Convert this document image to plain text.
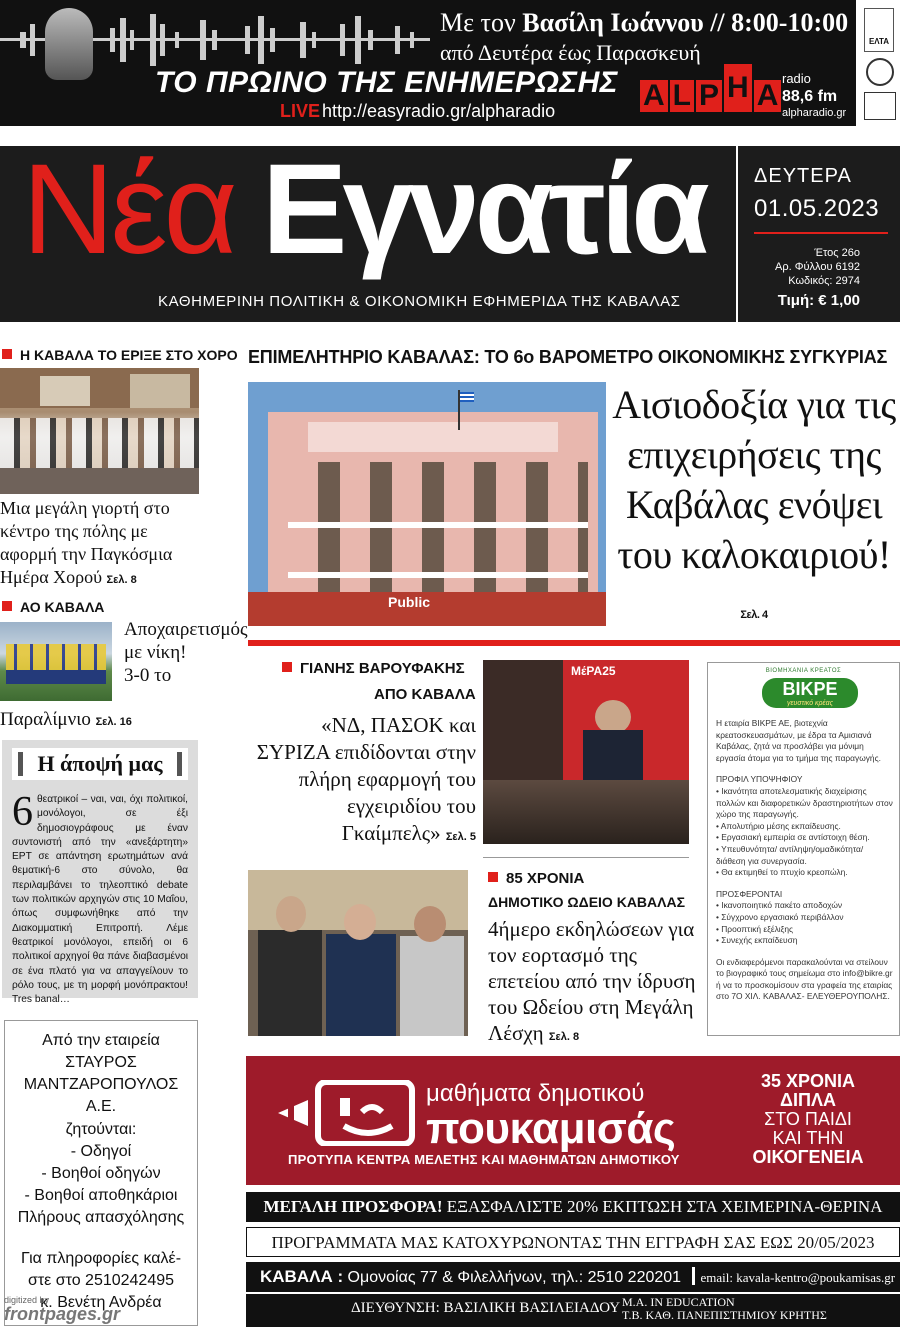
Με τον Βασίλη Ιωάννου // 8:00-10:00
από Δευτέρα έως Παρασκευή
ΤΟ ΠΡΩΙΝΟ ΤΗΣ ΕΝΗΜΕΡΩΣΗΣ
LIVE http://easyradio.gr/alpharadio	A L P H A
radio
88,6 fm
alpharadio.gr
ΕΛΤΑ
Νέα Εγνατία
ΚΑΘΗΜΕΡΙΝΗ ΠΟΛΙΤΙΚΗ & ΟΙΚΟΝΟΜΙΚΗ ΕΦΗΜΕΡΙΔΑ ΤΗΣ ΚΑΒΑΛΑΣ
ΔΕΥΤΕΡΑ
01.05.2023
Έτος 26ο
Αρ. Φύλλου 6192
Κωδικός: 2974
Τιμή: € 1,00
Η ΚΑΒΑΛΑ ΤΟ ΕΡΙΞΕ ΣΤΟ ΧΟΡΟ
Μια μεγάλη γιορτή στο κέντρο της πόλης με αφορμή την Παγκόσμια Ημέρα Χορού Σελ. 8
ΑΟ ΚΑΒΑΛΑ
Αποχαιρετισμός με νίκη! 3-0 το
Παραλίμνιο Σελ. 16
Η άποψή μας
6 θεατρικοί – ναι, ναι, όχι πολιτικοί, μονόλογοι, σε έξι δημοσιογράφους με έναν συντονιστή από την «ανεξάρτητη» ΕΡΤ σε απάντηση ερωτημάτων ανά θεματική-6 στο σύνολο, θα περιλαμβάνει το τηλεοπτικό debate των πολιτικών αρχηγών στις 10 Μαΐου, όπως συμφωνήθηκε από την Διακομματική Επιτροπή. Λέμε θεατρικοί μονόλογοι, επειδή οι 6 πολιτικοί αρχηγοί θα πάνε διαβασμένοι σε ένα πλατό για να απαγγείλουν το ρόλο τους, με τη μορφή μονόπρακτου! Tres banal…
Από την εταιρεία
ΣΤΑΥΡΟΣ
ΜΑΝΤΖΑΡΟΠΟΥΛΟΣ
Α.Ε.
ζητούνται:
- Οδηγοί
- Βοηθοί οδηγών
- Βοηθοί αποθηκάριοι
Πλήρους απασχόλησης
Για πληροφορίες καλέ-
στε στο 2510242495
κ. Βενέτη Ανδρέα
digitized by
frontpages.gr
ΕΠΙΜΕΛΗΤΗΡΙΟ ΚΑΒΑΛΑΣ: ΤΟ 6ο ΒΑΡΟΜΕΤΡΟ ΟΙΚΟΝΟΜΙΚΗΣ ΣΥΓΚΥΡΙΑΣ
Public
Αισιοδοξία για τις επιχειρήσεις της Καβάλας ενόψει του καλοκαιριού! Σελ. 4
ΓΙΑΝΗΣ ΒΑΡΟΥΦΑΚΗΣ
ΑΠΟ ΚΑΒΑΛΑ
«ΝΔ, ΠΑΣΟΚ και ΣΥΡΙΖΑ επιδίδονται στην πλήρη εφαρμογή του εγχειριδίου του Γκαίμπελς» Σελ. 5
ΜέΡΑ25
85 ΧΡΟΝΙΑ
ΔΗΜΟΤΙΚΟ ΩΔΕΙΟ ΚΑΒΑΛΑΣ
4ήμερο εκδηλώσεων για τον εορτασμό της επετείου από την ίδρυση του Ωδείου στη Μεγάλη Λέσχη Σελ. 8
ΒΙΟΜΗΧΑΝΙΑ ΚΡΕΑΤΟΣ
ΒΙΚΡΕ
γευστικό κρέας

Η εταιρία ΒΙΚΡΕ ΑΕ, βιοτεχνία κρεατοσκευασμάτων, με έδρα τα Αμισιανά Καβάλας, ζητά να προσλάβει για μόνιμη εργασία άτομα για το τμήμα της παραγωγής.

ΠΡΟΦΙΛ ΥΠΟΨΗΦΙΟΥ

• Ικανότητα αποτελεσματικής διαχείρισης πολλών και διαφορετικών δραστηριοτήτων στον χώρο της παραγωγής.

• Απολυτήριο μέσης εκπαίδευσης.

• Εργασιακή εμπειρία σε αντίστοιχη θέση.

• Υπευθυνότητα/ αντίληψη/ομαδικότητα/ διάθεση για συνεργασία.

• Θα εκτιμηθεί το πτυχίο κρεοπώλη.

ΠΡΟΣΦΕΡΟΝΤΑΙ

• Ικανοποιητικό πακέτο αποδοχών

• Σύγχρονο εργασιακό περιβάλλον

• Προοπτική εξέλιξης

• Συνεχής εκπαίδευση

Οι ενδιαφερόμενοι παρακαλούνται να στείλουν το βιογραφικό τους σημείωμα στο info@bikre.gr ή να το προσκομίσουν στα γραφεία της εταιρίας στο 7Ο ΧΙΛ. ΚΑΒΑΛΑΣ- ΕΛΕΥΘΕΡΟΥΠΟΛΗΣ.

μαθήματα δημοτικού
πουκαμισάς
ΠΡΟΤΥΠΑ ΚΕΝΤΡΑ ΜΕΛΕΤΗΣ ΚΑΙ ΜΑΘΗΜΑΤΩΝ ΔΗΜΟΤΙΚΟΥ
35 ΧΡΟΝΙΑ
ΔΙΠΛΑ
ΣΤΟ ΠΑΙΔΙ
ΚΑΙ ΤΗΝ
ΟΙΚΟΓΕΝΕΙΑ
ΜΕΓΑΛΗ ΠΡΟΣΦΟΡΑ! ΕΞΑΣΦΑΛΙΣΤΕ 20% ΕΚΠΤΩΣΗ ΣΤΑ ΧΕΙΜΕΡΙΝΑ-ΘΕΡΙΝΑ
ΠΡΟΓΡΑΜΜΑΤΑ ΜΑΣ ΚΑΤΟΧΥΡΩΝΟΝΤΑΣ ΤΗΝ ΕΓΓΡΑΦΗ ΣΑΣ ΕΩΣ 20/05/2023
ΚΑΒΑΛΑ : Ομονοίας 77 & Φιλελλήνων, τηλ.: 2510 220201 email: kavala-kentro@poukamisas.gr
ΔΙΕΥΘΥΝΣΗ: ΒΑΣΙΛΙΚΗ ΒΑΣΙΛΕΙΑΔΟΥ M.A. IN EDUCATION
Τ.Β. ΚΑΘ. ΠΑΝΕΠΙΣΤΗΜΙΟΥ ΚΡΗΤΗΣ
